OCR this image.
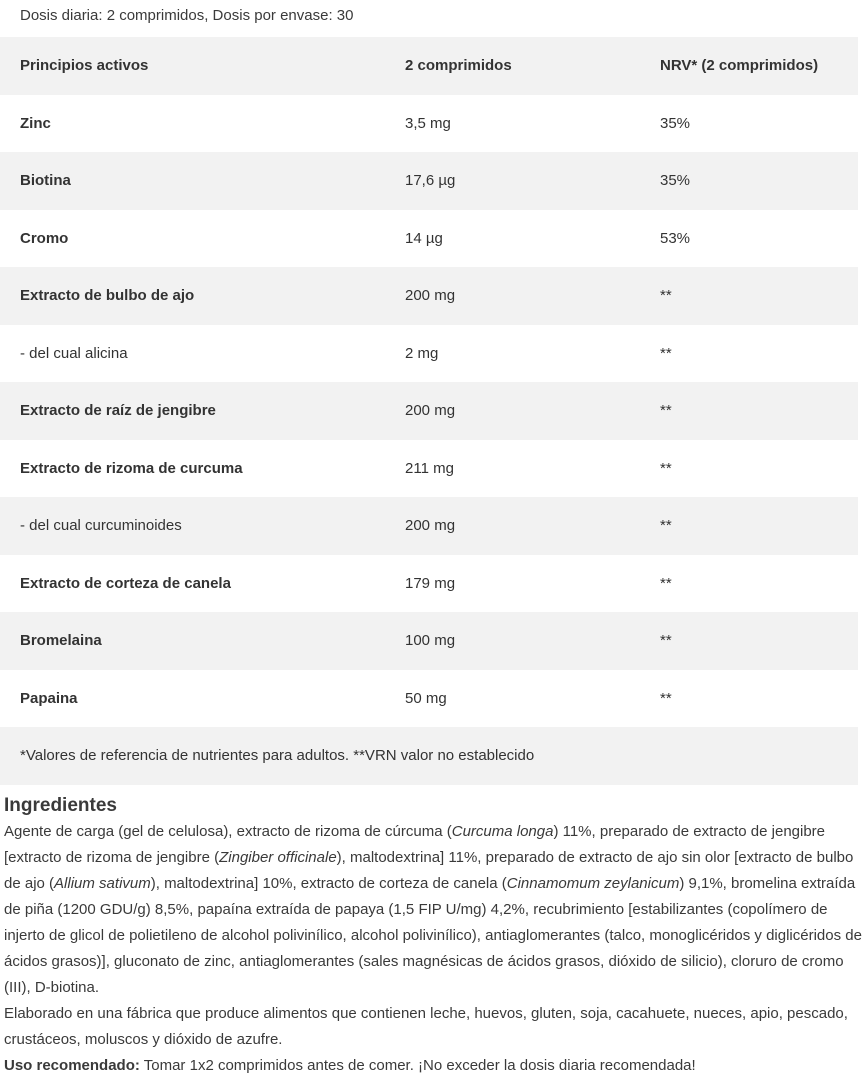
Dosis diaria: 2 comprimidos, Dosis por envase: 30
Principios activos	2 comprimidos	NRV* (2 comprimidos)
Zinc	3,5 mg	35%
Biotina	17,6 µg	35%
Cromo	14 µg	53%
Extracto de bulbo de ajo	200 mg	**
- del cual alicina	2 mg	**
Extracto de raíz de jengibre	200 mg	**
Extracto de rizoma de curcuma	211 mg	**
- del cual curcuminoides	200 mg	**
Extracto de corteza de canela	179 mg	**
Bromelaina	100 mg	**
Papaina	50 mg	**
*Valores de referencia de nutrientes para adultos. **VRN valor no establecido		
Ingredientes
Agente de carga (gel de celulosa), extracto de rizoma de cúrcuma (Curcuma longa) 11%, preparado de extracto de jengibre [extracto de rizoma de jengibre (Zingiber officinale), maltodextrina] 11%, preparado de extracto de ajo sin olor [extracto de bulbo de ajo (Allium sativum), maltodextrina] 10%, extracto de corteza de canela (Cinnamomum zeylanicum) 9,1%, bromelina extraída de piña (1200 GDU/g) 8,5%, papaína extraída de papaya (1,5 FIP U/mg) 4,2%, recubrimiento [estabilizantes (copolímero de injerto de glicol de polietileno de alcohol polivinílico, alcohol polivinílico), antiaglomerantes (talco, monoglicéridos y diglicéridos de ácidos grasos)], gluconato de zinc, antiaglomerantes (sales magnésicas de ácidos grasos, dióxido de silicio), cloruro de cromo (III), D-biotina.
Elaborado en una fábrica que produce alimentos que contienen leche, huevos, gluten, soja, cacahuete, nueces, apio, pescado, crustáceos, moluscos y dióxido de azufre.
Uso recomendado: Tomar 1x2 comprimidos antes de comer. ¡No exceder la dosis diaria recomendada!
